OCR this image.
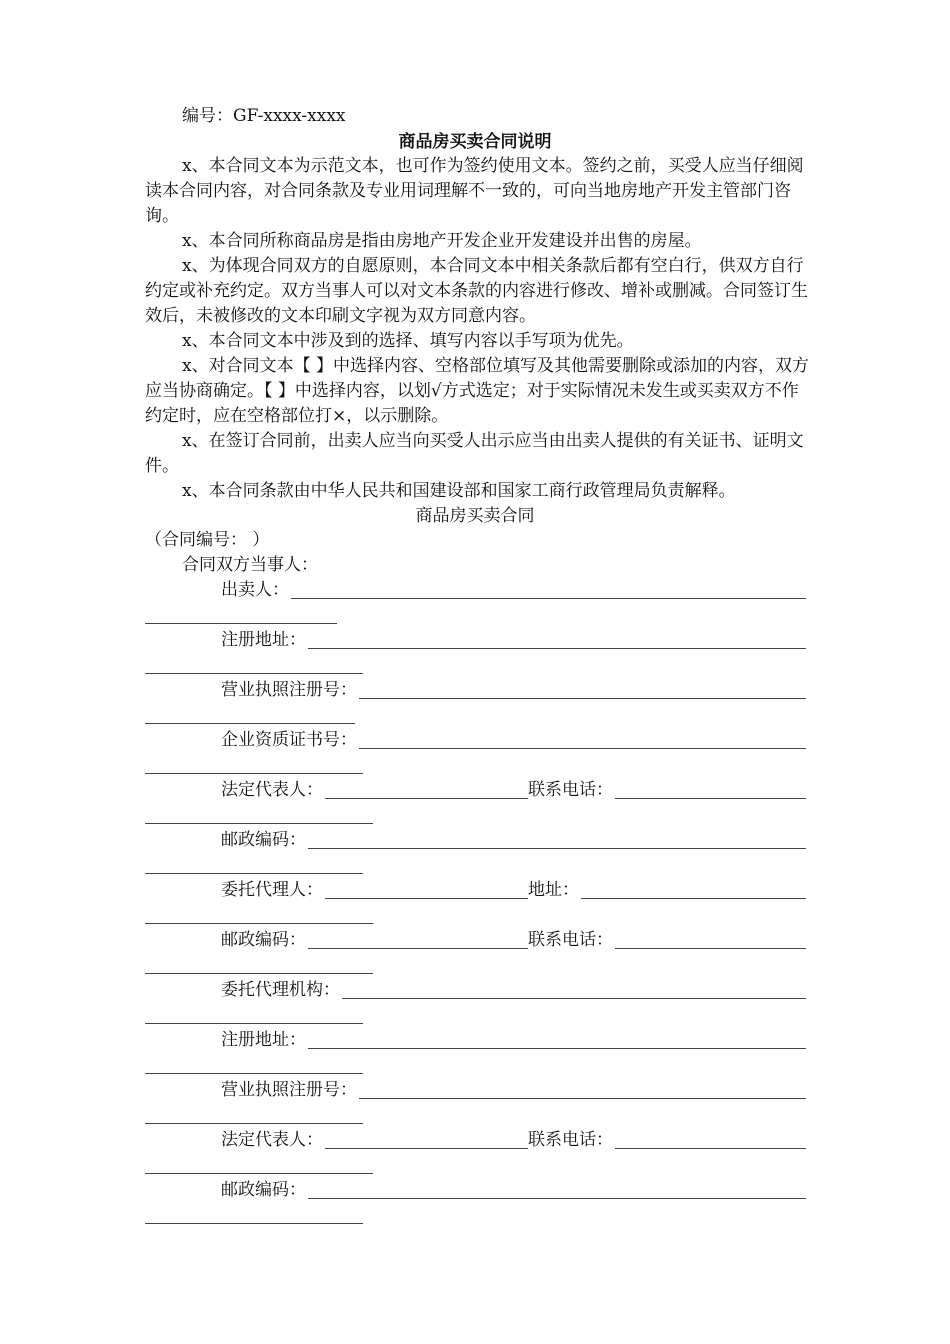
编号：GF-xxxx-xxxx
商品房买卖合同说明
x、本合同文本为示范文本，也可作为签约使用文本。签约之前，买受人应当仔细阅读本合同内容，对合同条款及专业用词理解不一致的，可向当地房地产开发主管部门咨询。
x、本合同所称商品房是指由房地产开发企业开发建设并出售的房屋。
x、为体现合同双方的自愿原则，本合同文本中相关条款后都有空白行，供双方自行约定或补充约定。双方当事人可以对文本条款的内容进行修改、增补或删减。合同签订生效后，未被修改的文本印刷文字视为双方同意内容。
x、本合同文本中涉及到的选择、填写内容以手写项为优先。
x、对合同文本【 】中选择内容、空格部位填写及其他需要删除或添加的内容，双方应当协商确定。【 】中选择内容，以划√方式选定；对于实际情况未发生或买卖双方不作约定时，应在空格部位打×，以示删除。
x、在签订合同前，出卖人应当向买受人出示应当由出卖人提供的有关证书、证明文件。
x、本合同条款由中华人民共和国建设部和国家工商行政管理局负责解释。
商品房买卖合同
（合同编号： ）
合同双方当事人：
出卖人：
注册地址：
营业执照注册号：
企业资质证书号：
法定代表人：	联系电话：
邮政编码：
委托代理人：	地址：
邮政编码：	联系电话：
委托代理机构：
注册地址：
营业执照注册号：
法定代表人：	联系电话：
邮政编码：
